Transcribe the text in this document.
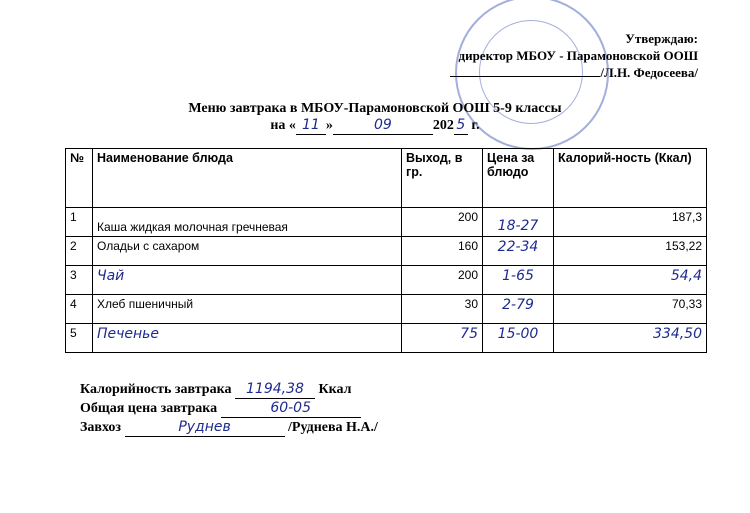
Утверждаю:
директор МБОУ - Парамоновской ООШ
/Л.Н. Федосеева/
Меню завтрака в МБОУ-Парамоновской ООШ 5-9 классы
на « 11 »	09	202 5 г.
№	Наименование блюда	Выход, в гр.	Цена за блюдо	Калорий-ность (Ккал)
1	Каша жидкая молочная гречневая	200	18-27	187,3
2	Оладьи с сахаром	160	22-34	153,22
3	Чай	200	1-65	54,4
4	Хлеб пшеничный	30	2-79	70,33
5	Печенье	75	15-00	334,50
Калорийность завтрака 1194,38 Ккал
Общая цена завтрака	60-05
Завхоз	Руднев	/Руднева Н.А./
